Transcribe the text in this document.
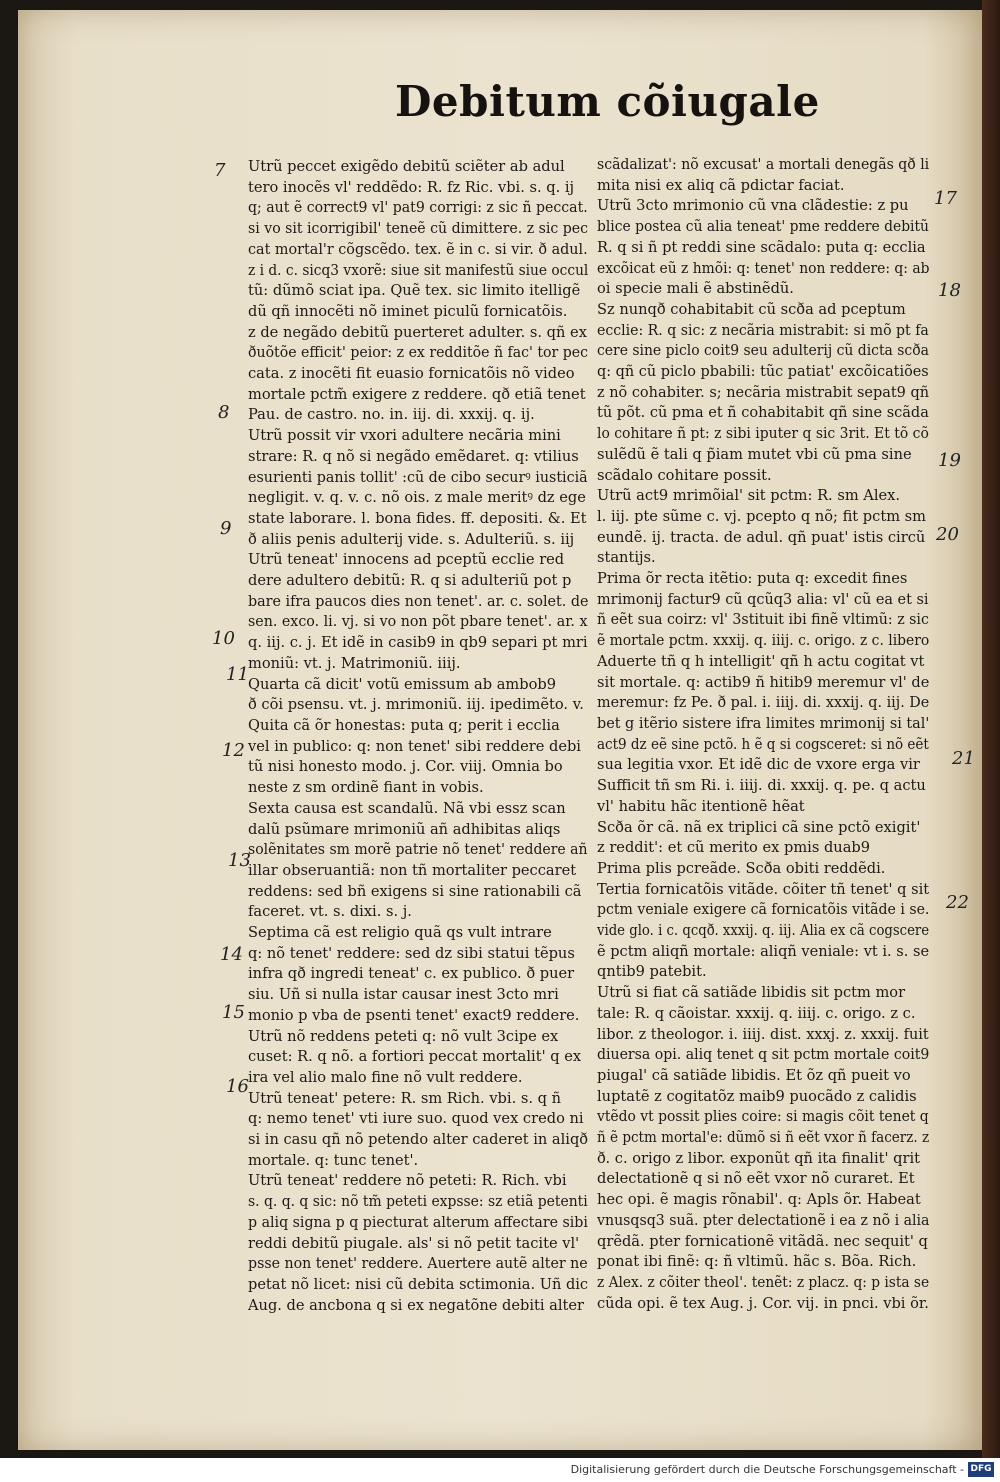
Debitum cõiugale

Utrũ peccet exigẽdo debitũ sciẽter ab adul

tero inocẽs vl' reddẽdo: R. fz Ric. vbi. s. q. ij

q; aut ẽ correct9 vl' pat9 corrigi: z sic ñ peccat.

si vo sit icorrigibil' teneẽ cũ dimittere. z sic pec

cat mortal'r cõgscẽdo. tex. ẽ in c. si vir. ð adul.

z i d. c. sicq3 vxorẽ: siue sit manifestũ siue occul

tũ: dũmõ sciat ipa. Quẽ tex. sic limito itelligẽ

dũ qñ innocẽti nõ iminet piculũ fornicatõis.

z de negãdo debitũ puerteret adulter. s. qñ ex

ðuõtõe efficit' peior: z ex redditõe ñ fac' tor pec

cata. z inocẽti fit euasio fornicatõis nõ video

mortale pctm̃ exigere z reddere. qð etiã tenet

Pau. de castro. no. in. iij. di. xxxij. q. ij.

Utrũ possit vir vxori adultere necãria mini

strare: R. q nõ si negãdo emẽdaret. q: vtilius

esurienti panis tollit' :cũ de cibo securꝰ iusticiã

negligit. v. q. v. c. nõ ois. z male meritꝰ dz ege

state laborare. l. bona fides. ff. depositi. &. Et

ð aliis penis adulterij vide. s. Adulteriũ. s. iij

Utrũ teneat' innocens ad pceptũ ecclie red

dere adultero debitũ: R. q si adulteriũ pot p

bare ifra paucos dies non tenet'. ar. c. solet. de

sen. exco. li. vj. si vo non põt pbare tenet'. ar. x

q. iij. c. j. Et idẽ in casib9 in qb9 separi pt mri

moniũ: vt. j. Matrimoniũ. iiij.

Quarta cã dicit' votũ emissum ab ambob9

ð cõi psensu. vt. j. mrimoniũ. iij. ipedimẽto. v.

Quita cã õr honestas: puta q; perit i ecclia

vel in publico: q: non tenet' sibi reddere debi

tũ nisi honesto modo. j. Cor. viij. Omnia bo

neste z sm ordinẽ fiant in vobis.

Sexta causa est scandalũ. Nã vbi essz scan

dalũ psũmare mrimoniũ añ adhibitas aliqs

solẽnitates sm morẽ patrie nõ tenet' reddere añ

illar obseruantiã: non tñ mortaliter peccaret

reddens: sed bñ exigens si sine rationabili cã

faceret. vt. s. dixi. s. j.

Septima cã est religio quã qs vult intrare

q: nõ tenet' reddere: sed dz sibi statui tẽpus

infra qð ingredi teneat' c. ex publico. ð puer

siu. Uñ si nulla istar causar inest 3cto mri

monio p vba de psenti tenet' exact9 reddere.

Utrũ nõ reddens peteti q: nõ vult 3cipe ex

cuset: R. q nõ. a fortiori peccat mortalit' q ex

ira vel alio malo fine nõ vult reddere.

Utrũ teneat' petere: R. sm Rich. vbi. s. q ñ

q: nemo tenet' vti iure suo. quod vex credo ni

si in casu qñ nõ petendo alter caderet in aliqð

mortale. q: tunc tenet'.

Utrũ teneat' reddere nõ peteti: R. Rich. vbi

s. q. q. q sic: nõ tm̃ peteti expsse: sz etiã petenti

p aliq signa p q piecturat alterum affectare sibi

reddi debitũ piugale. als' si nõ petit tacite vl'

psse non tenet' reddere. Auertere autẽ alter ne

petat nõ licet: nisi cũ debita sctimonia. Uñ dic

Aug. de ancbona q si ex negatõne debiti alter

scãdalizat': nõ excusat' a mortali denegãs qð li

mita nisi ex aliq cã pdictar faciat.

Utrũ 3cto mrimonio cũ vna clãdestie: z pu

blice postea cũ alia teneat' pme reddere debitũ

R. q si ñ pt reddi sine scãdalo: puta q: ecclia

excõicat eũ z hmõi: q: tenet' non reddere: q: ab

oi specie mali ẽ abstinẽdũ.

Sz nunqð cohabitabit cũ scða ad pceptum

ecclie: R. q sic: z necãria mistrabit: si mõ pt fa

cere sine piclo coit9 seu adulterij cũ dicta scða

q: qñ cũ piclo pbabili: tũc patiat' excõicatiões

z nõ cohabiter. s; necãria mistrabit sepat9 qñ

tũ põt. cũ pma et ñ cohabitabit qñ sine scãda

lo cohitare ñ pt: z sibi iputer q sic 3rit. Et tõ cõ

sulẽdũ ẽ tali q p̃iam mutet vbi cũ pma sine

scãdalo cohitare possit.

Utrũ act9 mrimõial' sit pctm: R. sm Alex.

l. iij. pte sũme c. vj. pcepto q nõ; fit pctm sm

eundẽ. ij. tracta. de adul. qñ puat' istis circũ

stantijs.

Prima õr recta itẽtio: puta q: excedit fines

mrimonij factur9 cũ qcũq3 alia: vl' cũ ea et si

ñ eẽt sua coirz: vl' 3stituit ibi finẽ vltimũ: z sic

ẽ mortale pctm. xxxij. q. iiij. c. origo. z c. libero

Aduerte tñ q h intelligit' qñ h actu cogitat vt

sit mortale. q: actib9 ñ hitib9 meremur vl' de

meremur: fz Pe. ð pal. i. iiij. di. xxxij. q. iij. De

bet g itẽrio sistere ifra limites mrimonij si tal'

act9 dz eẽ sine pctõ. h ẽ q si cogsceret: si nõ eẽt

sua legitia vxor. Et idẽ dic de vxore erga vir

Sufficit tñ sm Ri. i. iiij. di. xxxij. q. pe. q actu

vl' habitu hãc itentionẽ hẽat

Scða õr cã. nã ex triplici cã sine pctõ exigit'

z reddit': et cũ merito ex pmis duab9

Prima plis pcreãde. Scða obiti reddẽdi.

Tertia fornicatõis vitãde. cõiter tñ tenet' q sit

pctm veniale exigere cã fornicatõis vitãde i se.

vide glo. i c. qcqð. xxxij. q. iij. Alia ex cã cogscere

ẽ pctm aliqñ mortale: aliqñ veniale: vt i. s. se

qntib9 patebit.

Utrũ si fiat cã satiãde libidis sit pctm mor

tale: R. q cãoistar. xxxij. q. iiij. c. origo. z c.

libor. z theologor. i. iiij. dist. xxxj. z. xxxij. fuit

diuersa opi. aliq tenet q sit pctm mortale coit9

piugal' cã satiãde libidis. Et õz qñ pueit vo

luptatẽ z cogitatõz maib9 puocãdo z calidis

vtẽdo vt possit plies coire: si magis cõit tenet q

ñ ẽ pctm mortal'e: dũmõ si ñ eẽt vxor ñ facerz. z

ð. c. origo z libor. exponũt qñ ita finalit' qrit

delectationẽ q si nõ eẽt vxor nõ curaret. Et

hec opi. ẽ magis rõnabil'. q: Apls õr. Habeat

vnusqsq3 suã. pter delectationẽ i ea z nõ i alia

qrẽdã. pter fornicationẽ vitãdã. nec sequit' q

ponat ibi finẽ: q: ñ vltimũ. hãc s. Bõa. Rich.

z Alex. z cõiter theol'. tenẽt: z placz. q: p ista se

cũda opi. ẽ tex Aug. j. Cor. vij. in pnci. vbi õr.

7
8
9
10
11
12
13
14
15
16
17
18
19
20
21
22
Digitalisierung gefördert durch die Deutsche Forschungsgemeinschaft - DFG
